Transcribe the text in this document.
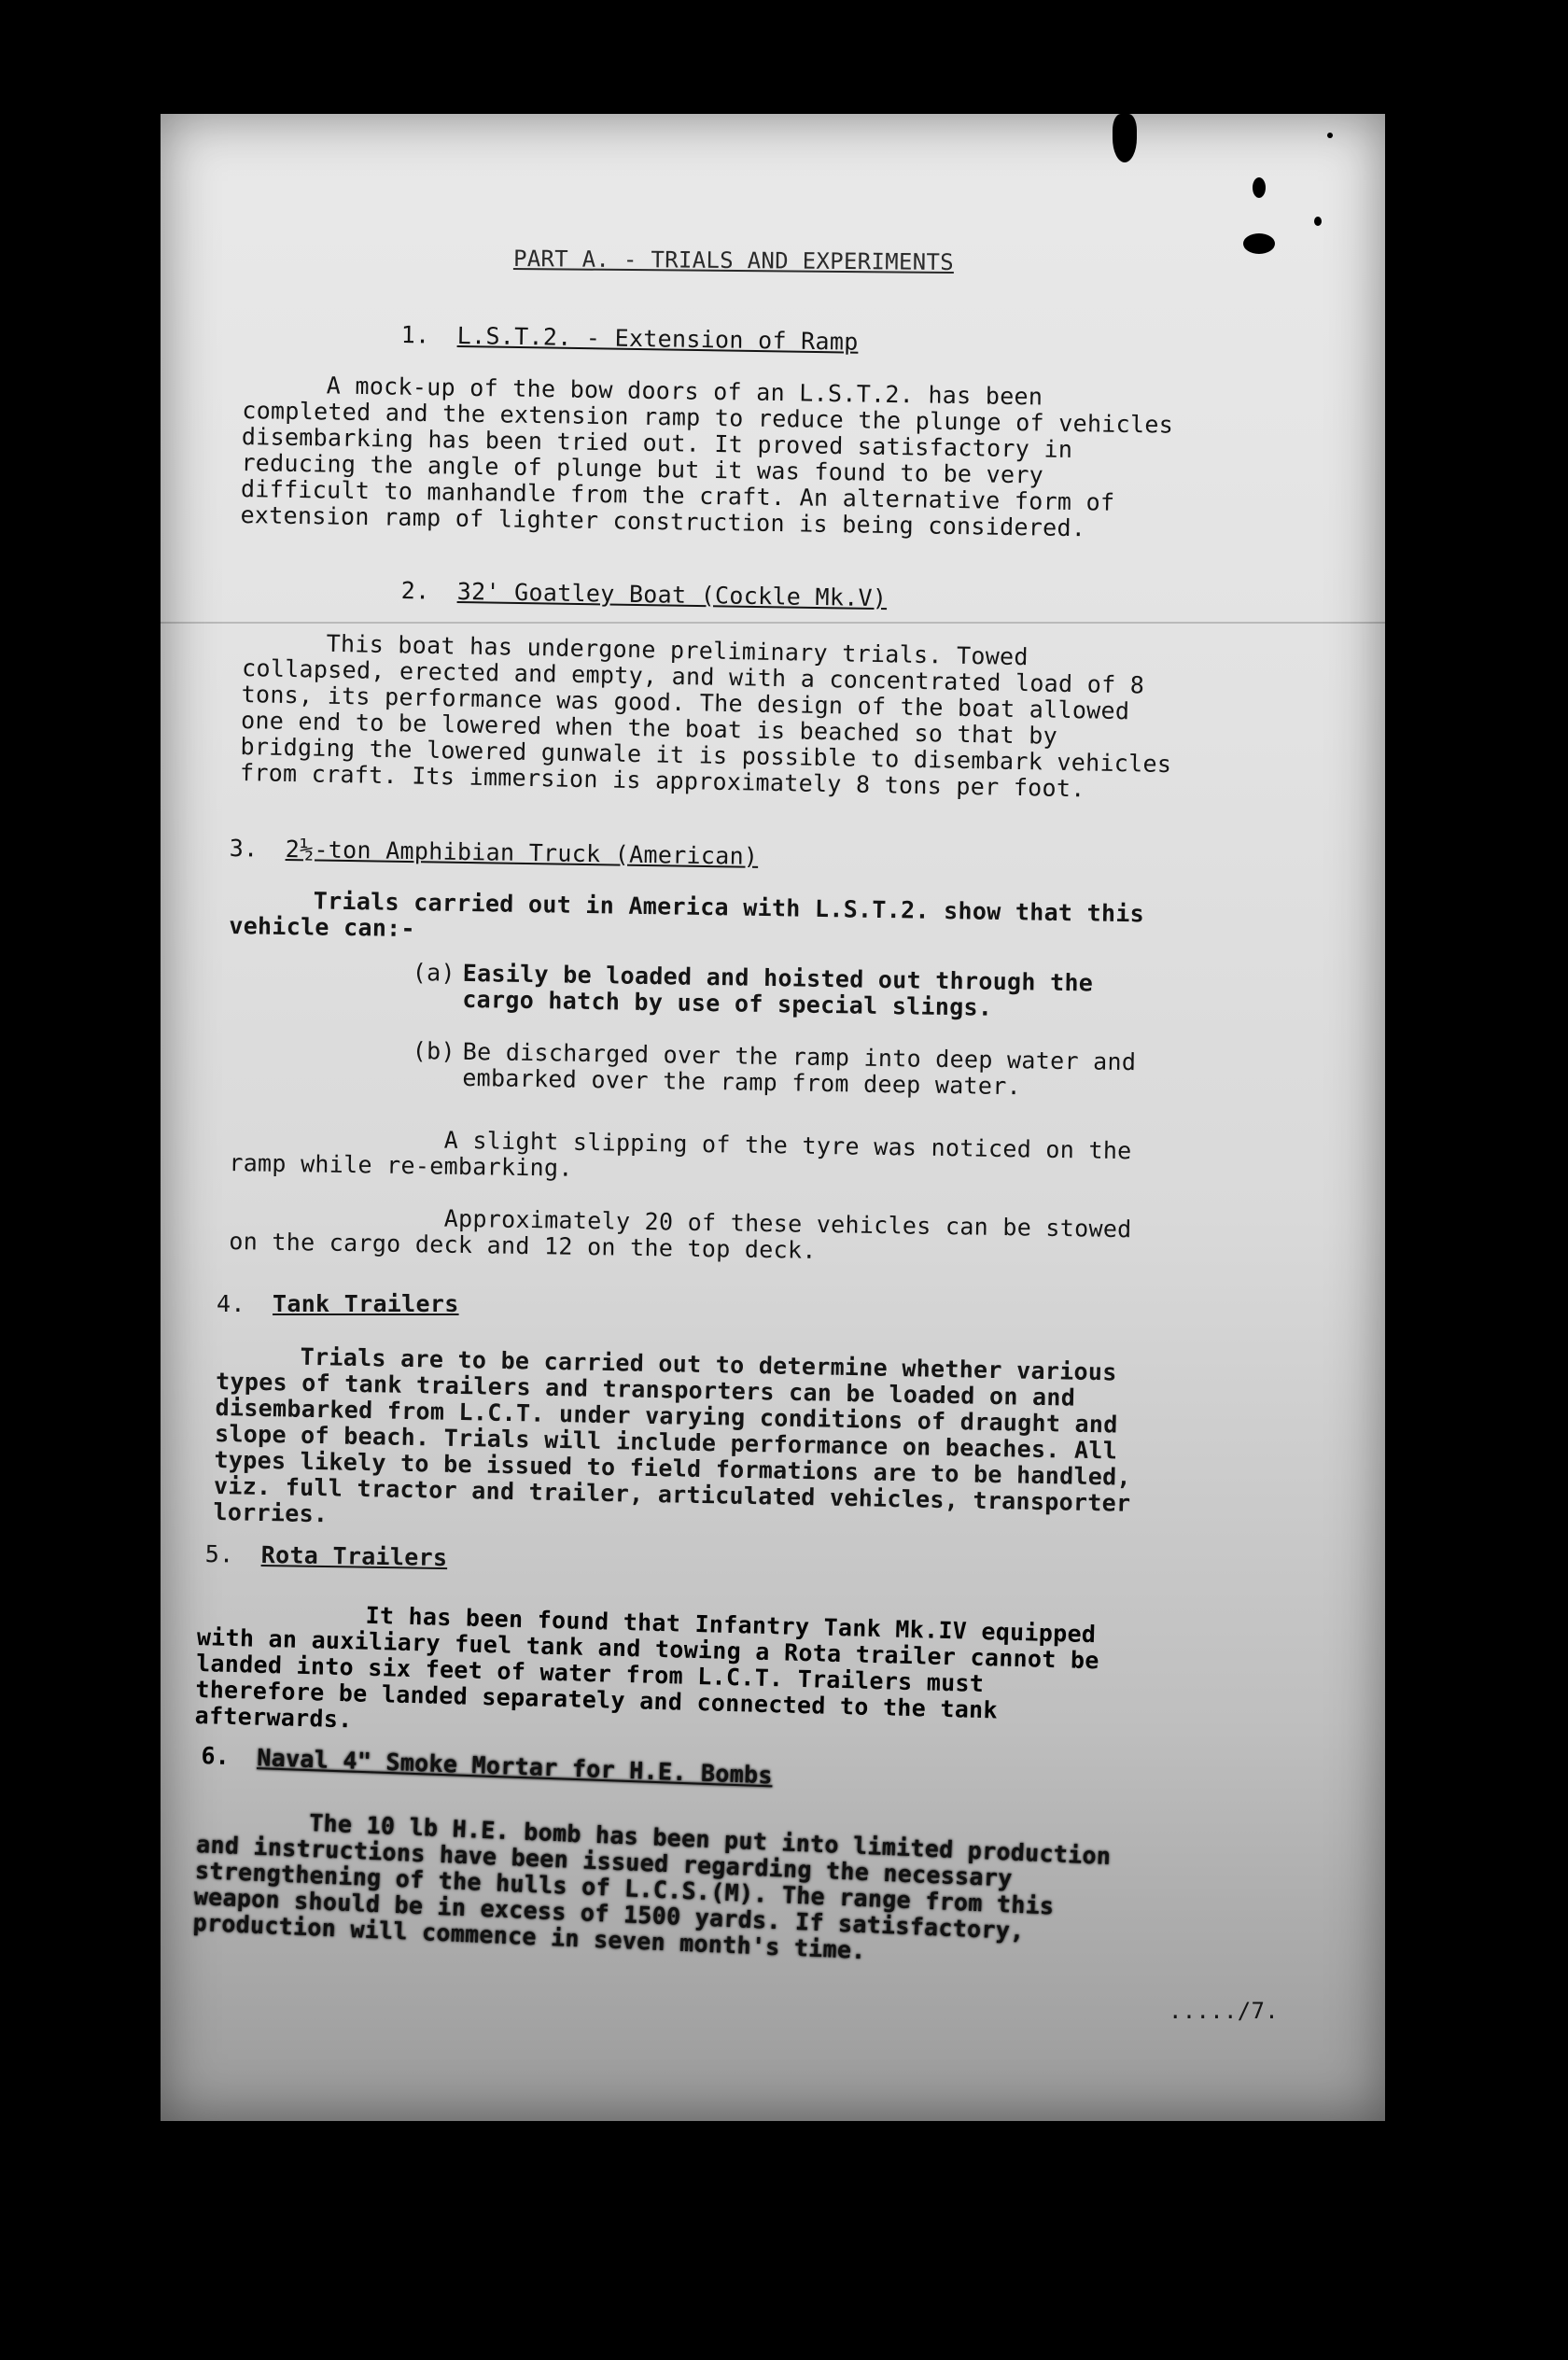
PART A. - TRIALS AND EXPERIMENTS
1. L.S.T.2. - Extension of Ramp
A mock-up of the bow doors of an L.S.T.2. has been completed and the extension ramp to reduce the plunge of vehicles disembarking has been tried out. It proved satisfactory in reducing the angle of plunge but it was found to be very difficult to manhandle from the craft. An alternative form of extension ramp of lighter construction is being considered.
2. 32' Goatley Boat (Cockle Mk.V)
This boat has undergone preliminary trials. Towed collapsed, erected and empty, and with a concentrated load of 8 tons, its performance was good. The design of the boat allowed one end to be lowered when the boat is beached so that by bridging the lowered gunwale it is possible to disembark vehicles from craft. Its immersion is approximately 8 tons per foot.
3. 2½-ton Amphibian Truck (American)
Trials carried out in America with L.S.T.2. show that this vehicle can:-
(a) Easily be loaded and hoisted out through the cargo hatch by use of special slings.
(b) Be discharged over the ramp into deep water and embarked over the ramp from deep water.
A slight slipping of the tyre was noticed on the ramp while re-embarking.
Approximately 20 of these vehicles can be stowed on the cargo deck and 12 on the top deck.
4. Tank Trailers
Trials are to be carried out to determine whether various types of tank trailers and transporters can be loaded on and disembarked from L.C.T. under varying conditions of draught and slope of beach. Trials will include performance on beaches. All types likely to be issued to field formations are to be handled, viz. full tractor and trailer, articulated vehicles, transporter lorries.
5. Rota Trailers
It has been found that Infantry Tank Mk.IV equipped with an auxiliary fuel tank and towing a Rota trailer cannot be landed into six feet of water from L.C.T. Trailers must therefore be landed separately and connected to the tank afterwards.
6. Naval 4" Smoke Mortar for H.E. Bombs
The 10 lb H.E. bomb has been put into limited production and instructions have been issued regarding the necessary strengthening of the hulls of L.C.S.(M). The range from this weapon should be in excess of 1500 yards. If satisfactory, production will commence in seven month's time.
...../7.
